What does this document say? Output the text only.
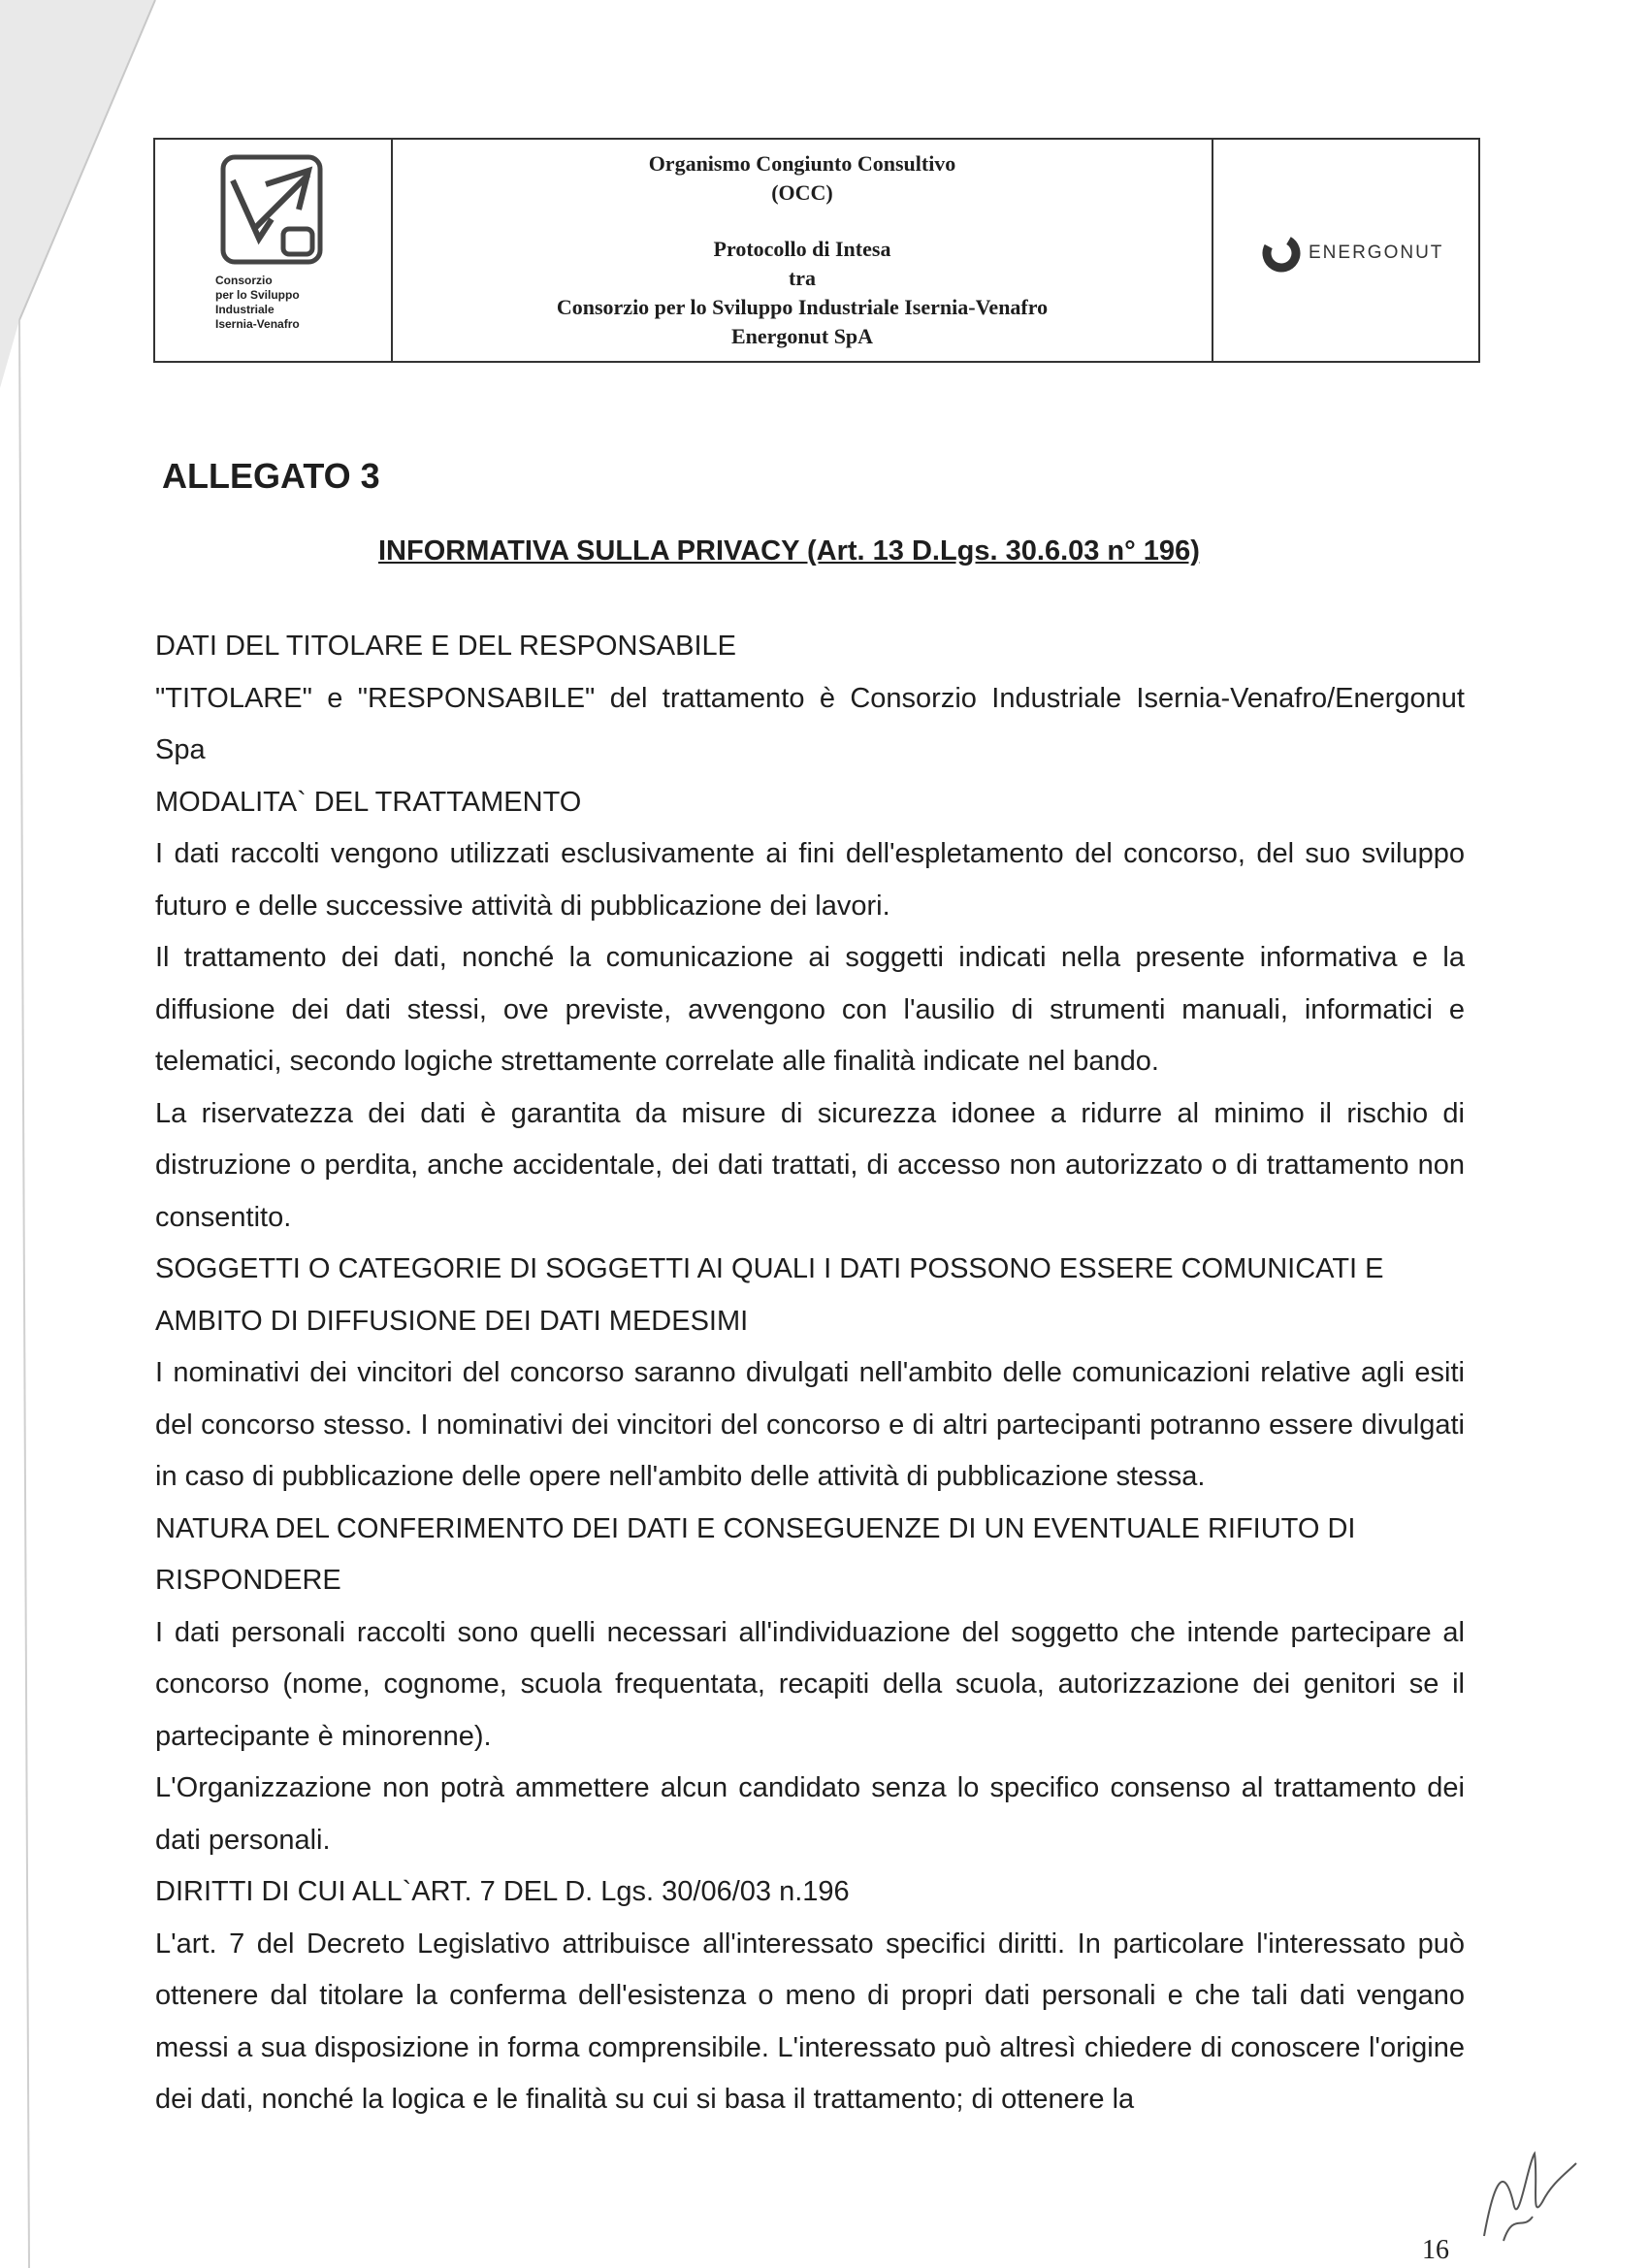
Consorzio
per lo Sviluppo
Industriale
Isernia-Venafro
Organismo Congiunto Consultivo
(OCC)
Protocollo di Intesa
tra
Consorzio per lo Sviluppo Industriale Isernia-Venafro
Energonut SpA
ENERGONUT
ALLEGATO 3
INFORMATIVA SULLA PRIVACY (Art. 13 D.Lgs. 30.6.03 n° 196)

DATI DEL TITOLARE E DEL RESPONSABILE

"TITOLARE" e "RESPONSABILE" del trattamento è Consorzio Industriale Isernia-Venafro/Energonut Spa

MODALITA` DEL TRATTAMENTO

I dati raccolti vengono utilizzati esclusivamente ai fini dell'espletamento del concorso, del suo sviluppo futuro e delle successive attività di pubblicazione dei lavori.

Il trattamento dei dati, nonché la comunicazione ai soggetti indicati nella presente informativa e la diffusione dei dati stessi, ove previste, avvengono con l'ausilio di strumenti manuali, informatici e telematici, secondo logiche strettamente correlate alle finalità indicate nel bando.

La riservatezza dei dati è garantita da misure di sicurezza idonee a ridurre al minimo il rischio di distruzione o perdita, anche accidentale, dei dati trattati, di accesso non autorizzato o di trattamento non consentito.

SOGGETTI O CATEGORIE DI SOGGETTI AI QUALI I DATI POSSONO ESSERE COMUNICATI E AMBITO DI DIFFUSIONE DEI DATI MEDESIMI

I nominativi dei vincitori del concorso saranno divulgati nell'ambito delle comunicazioni relative agli esiti del concorso stesso. I nominativi dei vincitori del concorso e di altri partecipanti potranno essere divulgati in caso di pubblicazione delle opere nell'ambito delle attività di pubblicazione stessa.

NATURA DEL CONFERIMENTO DEI DATI E CONSEGUENZE DI UN EVENTUALE RIFIUTO DI RISPONDERE

I dati personali raccolti sono quelli necessari all'individuazione del soggetto che intende partecipare al concorso (nome, cognome, scuola frequentata, recapiti della scuola, autorizzazione dei genitori se il partecipante è minorenne).

L'Organizzazione non potrà ammettere alcun candidato senza lo specifico consenso al trattamento dei dati personali.

DIRITTI DI CUI ALL`ART. 7 DEL D. Lgs. 30/06/03 n.196

L'art. 7 del Decreto Legislativo attribuisce all'interessato specifici diritti. In particolare l'interessato può ottenere dal titolare la conferma dell'esistenza o meno di propri dati personali e che tali dati vengano messi a sua disposizione in forma comprensibile. L'interessato può altresì chiedere di conoscere l'origine dei dati, nonché la logica e le finalità su cui si basa il trattamento; di ottenere la

16
